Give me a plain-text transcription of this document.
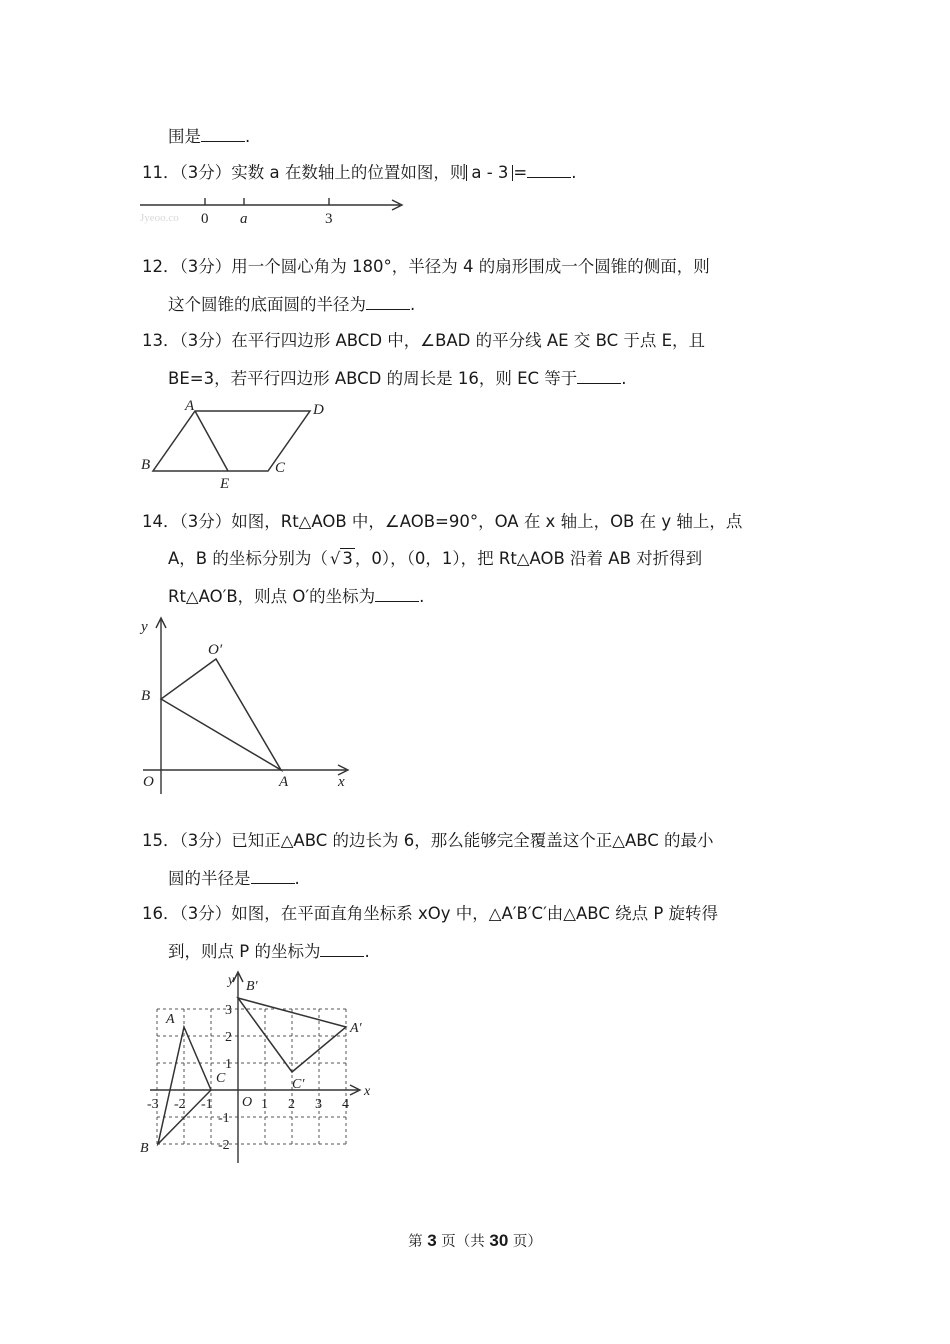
围是	.
11．（3分）实数 a 在数轴上的位置如图，则 a - 3 =	.
Jyeoo.co 0 a	3
12．（3分）用一个圆心角为 180°，半径为 4 的扇形围成一个圆锥的侧面，则
这个圆锥的底面圆的半径为	.
13．（3分）在平行四边形 ABCD 中，∠BAD 的平分线 AE 交 BC 于点 E，且
BE=3，若平行四边形 ABCD 的周长是 16，则 EC 等于	.
A	D
B	C
E
14．（3分）如图，Rt△AOB 中，∠AOB=90°，OA 在 x 轴上，OB 在 y 轴上，点
A，B 的坐标分别为（ √ 3 ，0），（0，1），把 Rt△AOB 沿着 AB 对折得到
Rt△AO′B，则点 O′的坐标为	.
y
x
O
B
A
O′
15．（3分）已知正△ABC 的边长为 6，那么能够完全覆盖这个正△ABC 的最小
圆的半径是	.
16．（3分）如图，在平面直角坐标系 xOy 中，△A′B′C′由△ABC 绕点 P 旋转得
到，则点 P 的坐标为	.
-3 -2 -1	1 2 3 4
3
2
1
-1
-2
y
x
O
A
B
C
A′
B′
C′
第 3 页（共 30 页）
